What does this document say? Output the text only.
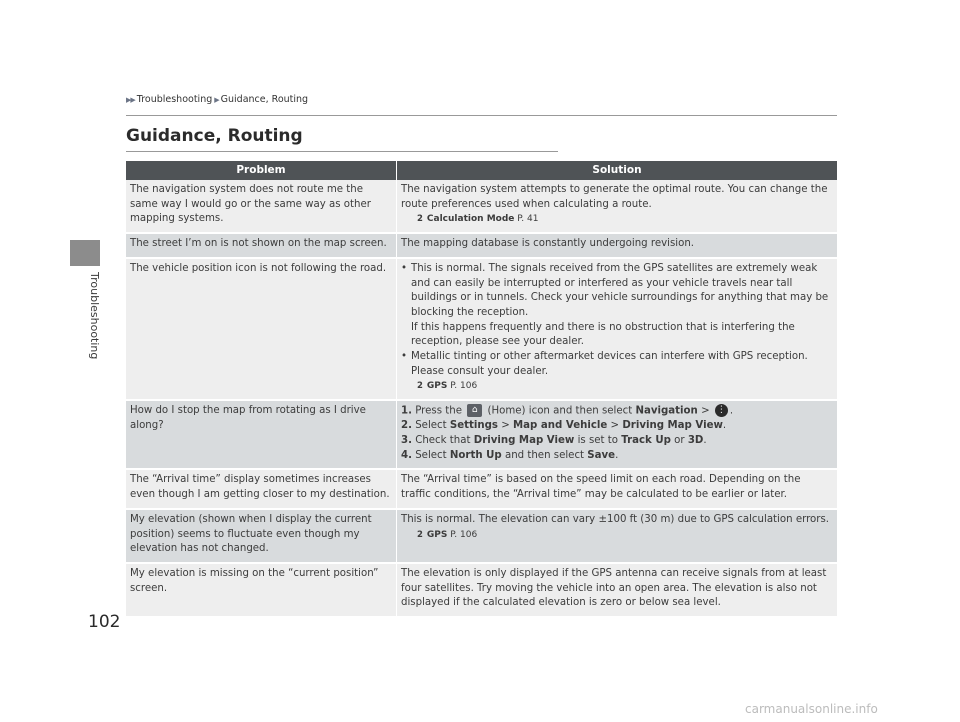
Troubleshooting
▶▶ Troubleshooting ▶ Guidance, Routing
Guidance, Routing
Problem	Solution
The navigation system does not route me the same way I would go or the same way as other mapping systems.	The navigation system attempts to generate the optimal route. You can change the route preferences used when calculating a route.
2 Calculation Mode P. 41

The street I’m on is not shown on the map screen.	The mapping database is constantly undergoing revision.
The vehicle position icon is not following the road.	• This is normal. The signals received from the GPS satellites are extremely weak and can easily be interrupted or interfered as your vehicle travels near tall buildings or in tunnels. Check your vehicle surroundings for anything that may be blocking the reception.
If this happens frequently and there is no obstruction that is interfering the reception, please see your dealer.
• Metallic tinting or other aftermarket devices can interfere with GPS reception. Please consult your dealer.
2 GPS P. 106

How do I stop the map from rotating as I drive along?	1. Press the ⌂ (Home) icon and then select Navigation > ⋮ .
2. Select Settings > Map and Vehicle > Driving Map View.
3. Check that Driving Map View is set to Track Up or 3D.
4. Select North Up and then select Save.

The “Arrival time” display sometimes increases even though I am getting closer to my destination.	The “Arrival time” is based on the speed limit on each road. Depending on the traffic conditions, the “Arrival time” may be calculated to be earlier or later.
My elevation (shown when I display the current position) seems to fluctuate even though my elevation has not changed.	This is normal. The elevation can vary ±100 ft (30 m) due to GPS calculation errors.
2 GPS P. 106

My elevation is missing on the “current position” screen.	The elevation is only displayed if the GPS antenna can receive signals from at least four satellites. Try moving the vehicle into an open area. The elevation is also not displayed if the calculated elevation is zero or below sea level.
102
carmanualsonline.info
